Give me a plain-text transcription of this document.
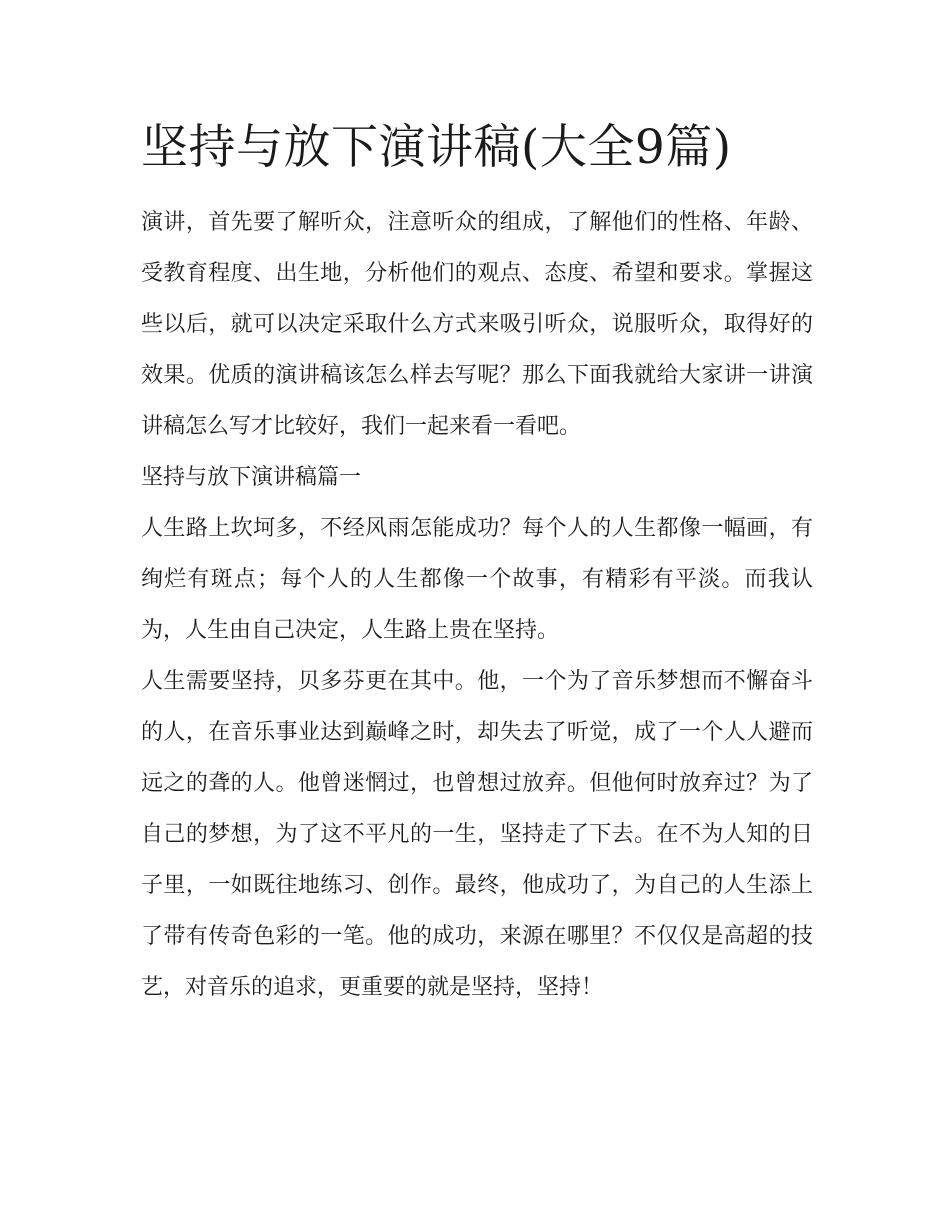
坚持与放下演讲稿(大全9篇)

演讲，首先要了解听众，注意听众的组成，了解他们的性格、年龄、受教育程度、出生地，分析他们的观点、态度、希望和要求。掌握这些以后，就可以决定采取什么方式来吸引听众，说服听众，取得好的效果。优质的演讲稿该怎么样去写呢？那么下面我就给大家讲一讲演讲稿怎么写才比较好，我们一起来看一看吧。

坚持与放下演讲稿篇一

人生路上坎坷多，不经风雨怎能成功？每个人的人生都像一幅画，有绚烂有斑点；每个人的人生都像一个故事，有精彩有平淡。而我认为，人生由自己决定，人生路上贵在坚持。

人生需要坚持，贝多芬更在其中。他，一个为了音乐梦想而不懈奋斗的人，在音乐事业达到巅峰之时，却失去了听觉，成了一个人人避而远之的聋的人。他曾迷惘过，也曾想过放弃。但他何时放弃过？为了自己的梦想，为了这不平凡的一生，坚持走了下去。在不为人知的日子里，一如既往地练习、创作。最终，他成功了，为自己的人生添上了带有传奇色彩的一笔。他的成功，来源在哪里？不仅仅是高超的技艺，对音乐的追求，更重要的就是坚持，坚持！
